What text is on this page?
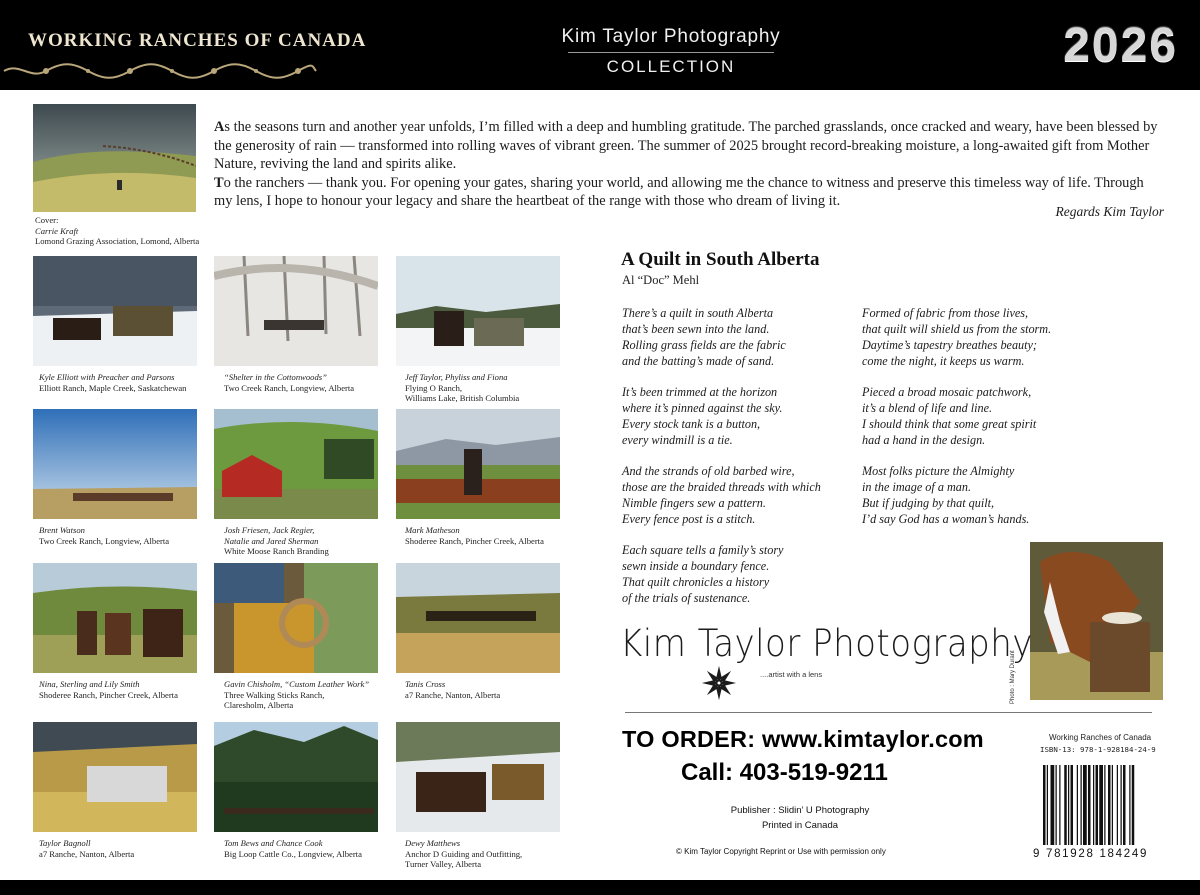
WORKING RANCHES OF CANADA	Kim Taylor Photography
COLLECTION	2026
Cover:
Carrie Kraft
Lomond Grazing Association, Lomond, Alberta

As the seasons turn and another year unfolds, I’m filled with a deep and humbling gratitude. The parched grasslands, once cracked and weary, have been blessed by the generosity of rain — transformed into rolling waves of vibrant green. The summer of 2025 brought record-breaking moisture, a long-awaited gift from Mother Nature, reviving the land and spirits alike.

To the ranchers — thank you. For opening your gates, sharing your world, and allowing me the chance to witness and preserve this timeless way of life. Through my lens, I hope to honour your legacy and share the heartbeat of the range with those who dream of living it.

Regards Kim Taylor
Kyle Elliott with Preacher and Parsons
Elliott Ranch, Maple Creek, Saskatchewan
“Shelter in the Cottonwoods”
Two Creek Ranch, Longview, Alberta
Jeff Taylor, Phyliss and Fiona
Flying O Ranch,
Williams Lake, British Columbia
Brent Watson
Two Creek Ranch, Longview, Alberta
Josh Friesen, Jack Regier,
Natalie and Jared Sherman
White Moose Ranch Branding
Mark Matheson
Shoderee Ranch, Pincher Creek, Alberta
Nina, Sterling and Lily Smith
Shoderee Ranch, Pincher Creek, Alberta
Gavin Chisholm, “Custom Leather Work”
Three Walking Sticks Ranch,
Claresholm, Alberta
Tanis Cross
a7 Ranche, Nanton, Alberta
Taylor Bagnoll
a7 Ranche, Nanton, Alberta
Tom Bews and Chance Cook
Big Loop Cattle Co., Longview, Alberta
Dewy Matthews
Anchor D Guiding and Outfitting,
Turner Valley, Alberta
A Quilt in South Alberta
Al “Doc” Mehl
There’s a quilt in south Alberta
that’s been sewn into the land.
Rolling grass fields are the fabric
and the batting’s made of sand.
It’s been trimmed at the horizon
where it’s pinned against the sky.
Every stock tank is a button,
every windmill is a tie.
And the strands of old barbed wire,
those are the braided threads with which
Nimble fingers sew a pattern.
Every fence post is a stitch.
Each square tells a family’s story
sewn inside a boundary fence.
That quilt chronicles a history
of the trials of sustenance.
Formed of fabric from those lives,
that quilt will shield us from the storm.
Daytime’s tapestry breathes beauty;
come the night, it keeps us warm.
Pieced a broad mosaic patchwork,
it’s a blend of life and line.
I should think that some great spirit
had a hand in the design.
Most folks picture the Almighty
in the image of a man.
But if judging by that quilt,
I’d say God has a woman’s hands.
Photo : Mary Durant
Kim Taylor Photography
....artist with a lens
TO ORDER: www.kimtaylor.com
Call: 403-519-9211
Publisher : Slidin’ U Photography
Printed in Canada
© Kim Taylor Copyright Reprint or Use with permission only
Working Ranches of Canada
ISBN-13: 978-1-928184-24-9
9 781928 184249
